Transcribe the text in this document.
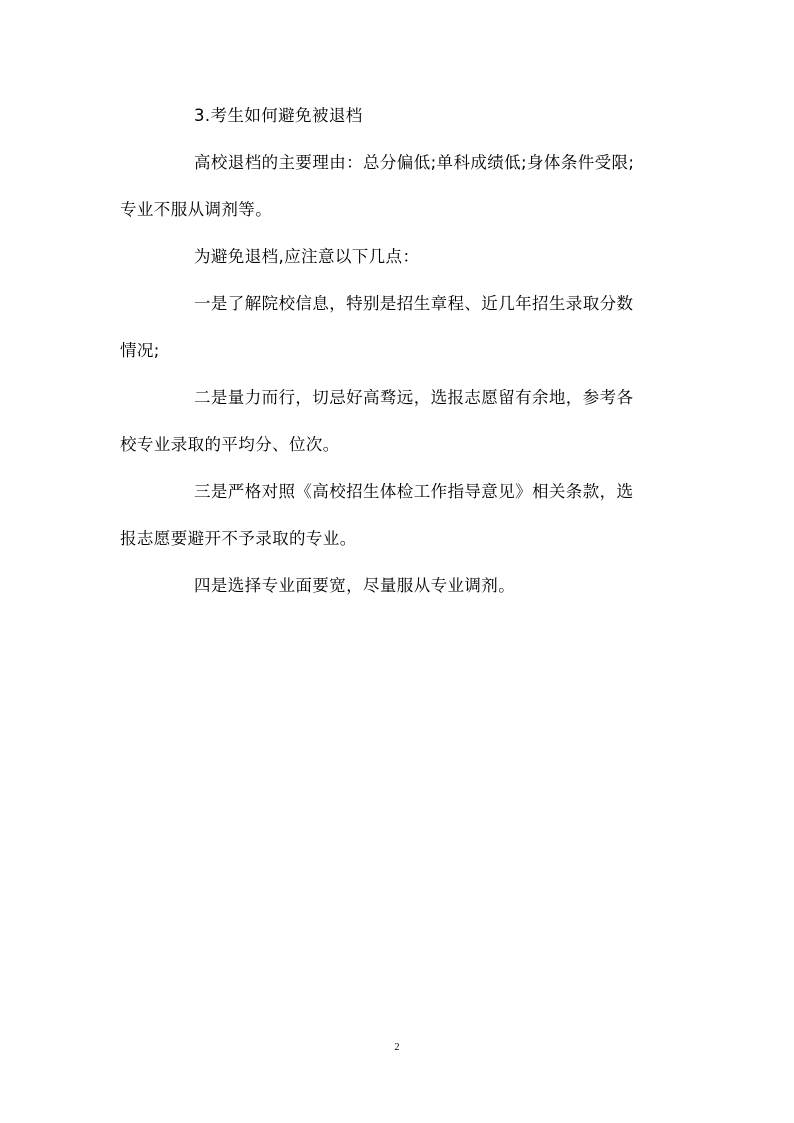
3.考生如何避免被退档

高校退档的主要理由：总分偏低;单科成绩低;身体条件受限;
专业不服从调剂等。

为避免退档,应注意以下几点：

一是了解院校信息，特别是招生章程、近几年招生录取分数
情况;

二是量力而行，切忌好高骛远，选报志愿留有余地，参考各
校专业录取的平均分、位次。

三是严格对照《高校招生体检工作指导意见》相关条款，选
报志愿要避开不予录取的专业。

四是选择专业面要宽，尽量服从专业调剂。

2
